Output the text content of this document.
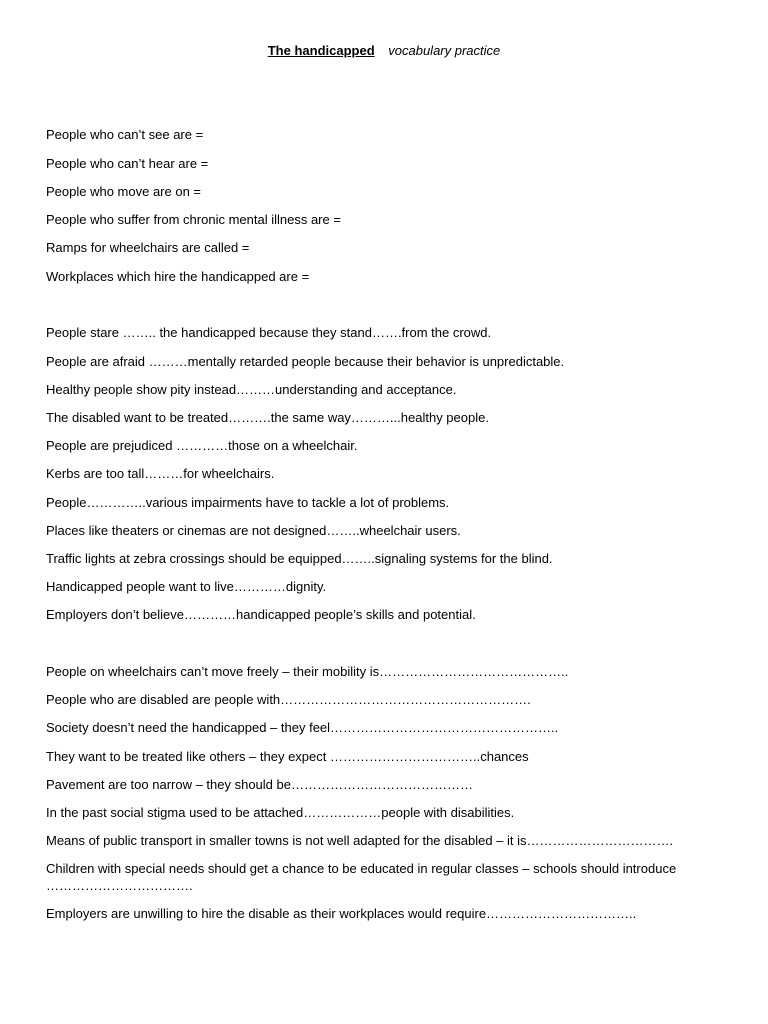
The handicapped vocabulary practice
People who can’t see are =
People who can’t hear are =
People who move are on =
People who suffer from chronic mental illness are =
Ramps for wheelchairs are called =
Workplaces which hire the handicapped are =
People stare …….. the handicapped because they stand…….from the crowd.
People are afraid ………mentally retarded people because their behavior is unpredictable.
Healthy people show pity instead………understanding and acceptance.
The disabled want to be treated……….the same way………...healthy people.
People are prejudiced …………those on a wheelchair.
Kerbs are too tall………for wheelchairs.
People…………..various impairments have to tackle a lot of problems.
Places like theaters or cinemas are not designed……..wheelchair users.
Traffic lights at zebra crossings should be equipped……..signaling systems for the blind.
Handicapped people want to live…………dignity.
Employers don’t believe…………handicapped people’s skills and potential.
People on wheelchairs can’t move freely – their mobility is……………………………………..
People who are disabled are people with………………………………………………….
Society doesn’t need the handicapped – they feel……………………………………………..
They want to be treated like others – they expect ……………………………..chances
Pavement are too narrow – they should be……………………………………
In the past social stigma used to be attached………………people with disabilities.
Means of public transport in smaller towns is not well adapted for the disabled – it is…………………………….
Children with special needs should get a chance to be educated in regular classes – schools should introduce …………………………….
Employers are unwilling to hire the disable as their workplaces would require……………………………..
